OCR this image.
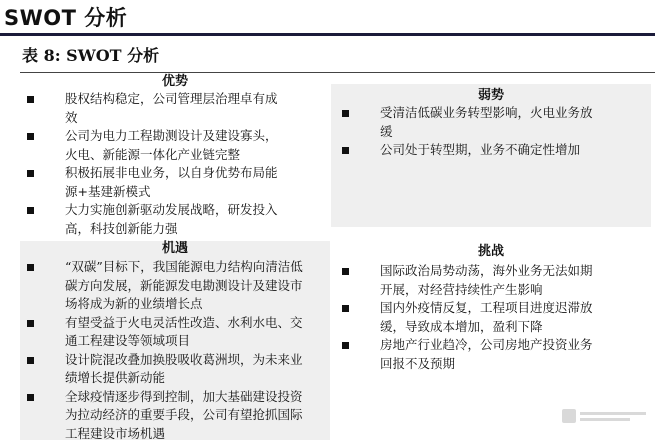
SWOT 分析
表 8: SWOT 分析
优势
股权结构稳定，公司管理层治理卓有成效
公司为电力工程勘测设计及建设寡头，火电、新能源一体化产业链完整
积极拓展非电业务，以自身优势布局能源+基建新模式
大力实施创新驱动发展战略，研发投入高，科技创新能力强
弱势
受清洁低碳业务转型影响，火电业务放缓
公司处于转型期，业务不确定性增加
机遇
“双碳”目标下，我国能源电力结构向清洁低碳方向发展，新能源发电勘测设计及建设市场将成为新的业绩增长点
有望受益于火电灵活性改造、水利水电、交通工程建设等领域项目
设计院混改叠加换股吸收葛洲坝，为未来业绩增长提供新动能
全球疫情逐步得到控制，加大基础建设投资为拉动经济的重要手段，公司有望抢抓国际工程建设市场机遇
挑战
国际政治局势动荡，海外业务无法如期开展，对经营持续性产生影响
国内外疫情反复，工程项目进度迟滞放缓，导致成本增加，盈利下降
房地产行业趋冷，公司房地产投资业务回报不及预期
